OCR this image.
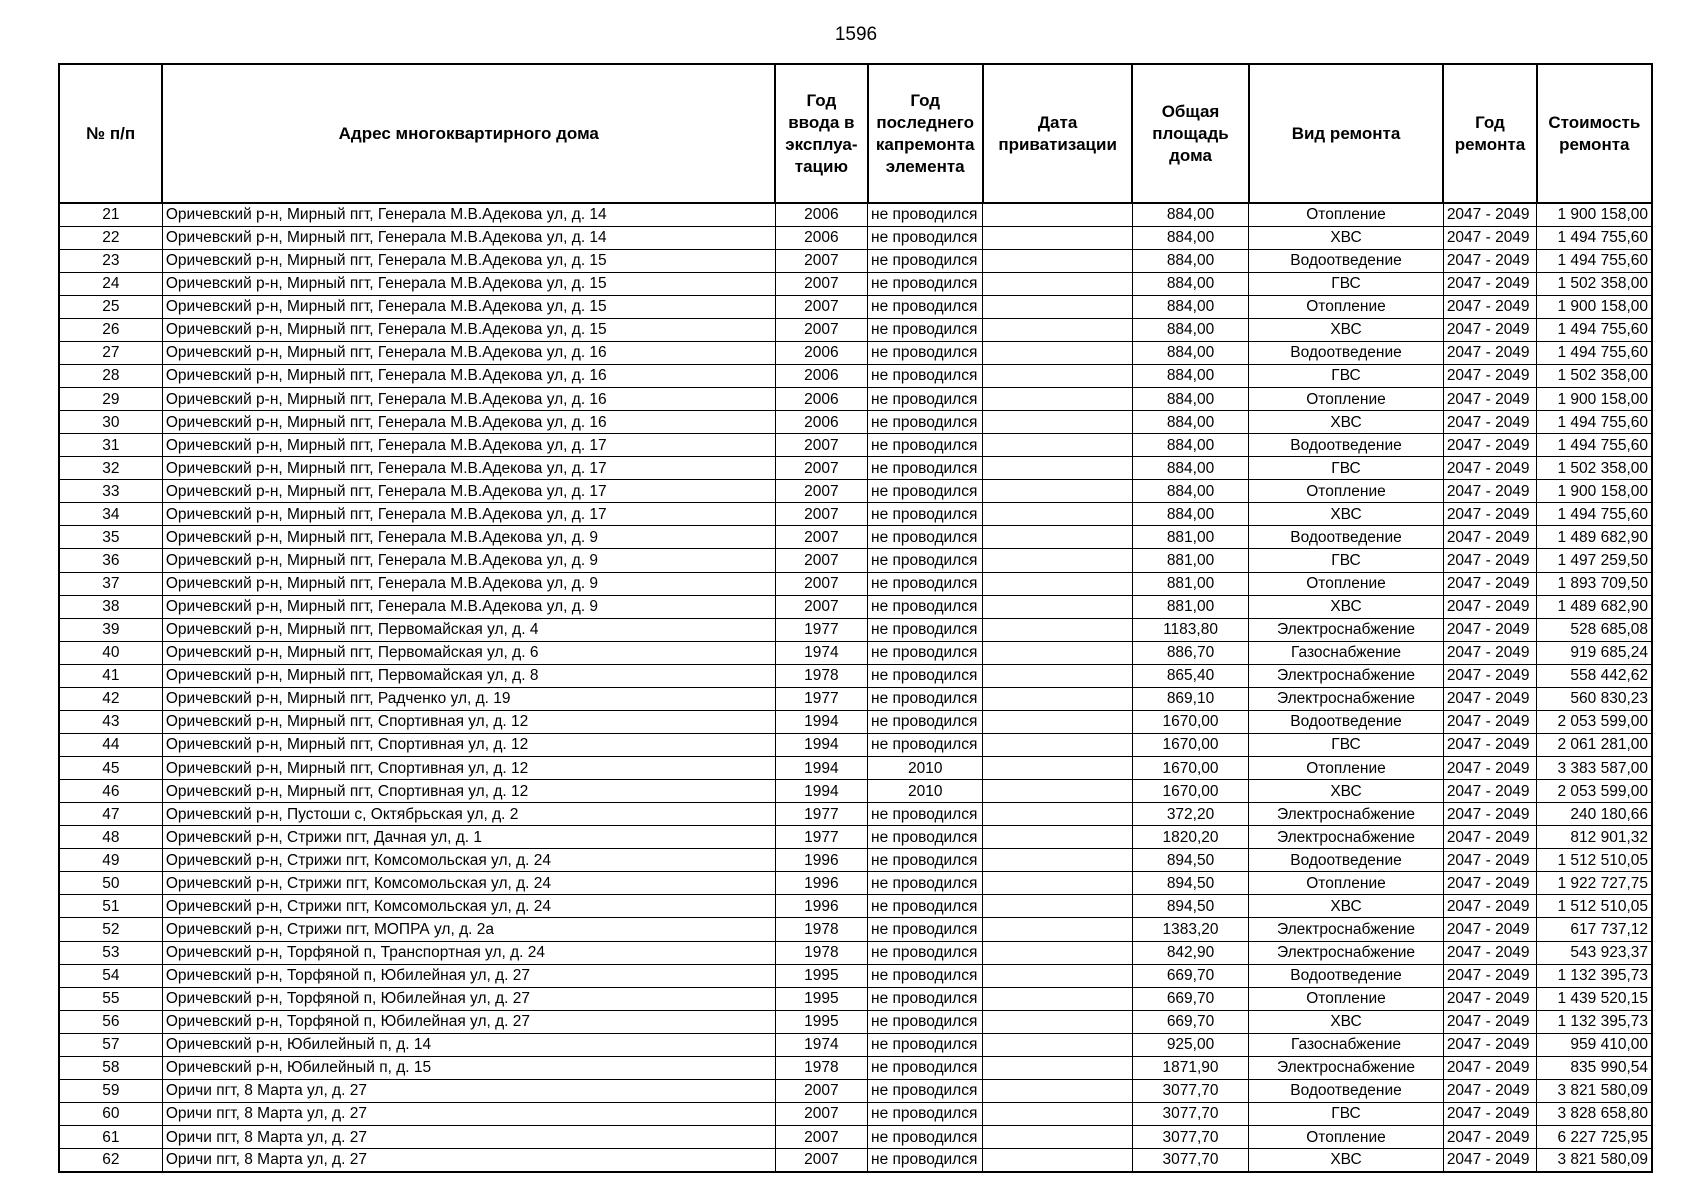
1596
№ п/п	Адрес многоквартирного дома	Год ввода в эксплуа-тацию	Год последнего капремонта элемента	Дата приватизации	Общая площадь дома	Вид ремонта	Год ремонта	Стоимость ремонта
21	Оричевский р-н, Мирный пгт, Генерала М.В.Адекова ул, д. 14	2006	не проводился		884,00	Отопление	2047 - 2049	1 900 158,00
22	Оричевский р-н, Мирный пгт, Генерала М.В.Адекова ул, д. 14	2006	не проводился		884,00	ХВС	2047 - 2049	1 494 755,60
23	Оричевский р-н, Мирный пгт, Генерала М.В.Адекова ул, д. 15	2007	не проводился		884,00	Водоотведение	2047 - 2049	1 494 755,60
24	Оричевский р-н, Мирный пгт, Генерала М.В.Адекова ул, д. 15	2007	не проводился		884,00	ГВС	2047 - 2049	1 502 358,00
25	Оричевский р-н, Мирный пгт, Генерала М.В.Адекова ул, д. 15	2007	не проводился		884,00	Отопление	2047 - 2049	1 900 158,00
26	Оричевский р-н, Мирный пгт, Генерала М.В.Адекова ул, д. 15	2007	не проводился		884,00	ХВС	2047 - 2049	1 494 755,60
27	Оричевский р-н, Мирный пгт, Генерала М.В.Адекова ул, д. 16	2006	не проводился		884,00	Водоотведение	2047 - 2049	1 494 755,60
28	Оричевский р-н, Мирный пгт, Генерала М.В.Адекова ул, д. 16	2006	не проводился		884,00	ГВС	2047 - 2049	1 502 358,00
29	Оричевский р-н, Мирный пгт, Генерала М.В.Адекова ул, д. 16	2006	не проводился		884,00	Отопление	2047 - 2049	1 900 158,00
30	Оричевский р-н, Мирный пгт, Генерала М.В.Адекова ул, д. 16	2006	не проводился		884,00	ХВС	2047 - 2049	1 494 755,60
31	Оричевский р-н, Мирный пгт, Генерала М.В.Адекова ул, д. 17	2007	не проводился		884,00	Водоотведение	2047 - 2049	1 494 755,60
32	Оричевский р-н, Мирный пгт, Генерала М.В.Адекова ул, д. 17	2007	не проводился		884,00	ГВС	2047 - 2049	1 502 358,00
33	Оричевский р-н, Мирный пгт, Генерала М.В.Адекова ул, д. 17	2007	не проводился		884,00	Отопление	2047 - 2049	1 900 158,00
34	Оричевский р-н, Мирный пгт, Генерала М.В.Адекова ул, д. 17	2007	не проводился		884,00	ХВС	2047 - 2049	1 494 755,60
35	Оричевский р-н, Мирный пгт, Генерала М.В.Адекова ул, д. 9	2007	не проводился		881,00	Водоотведение	2047 - 2049	1 489 682,90
36	Оричевский р-н, Мирный пгт, Генерала М.В.Адекова ул, д. 9	2007	не проводился		881,00	ГВС	2047 - 2049	1 497 259,50
37	Оричевский р-н, Мирный пгт, Генерала М.В.Адекова ул, д. 9	2007	не проводился		881,00	Отопление	2047 - 2049	1 893 709,50
38	Оричевский р-н, Мирный пгт, Генерала М.В.Адекова ул, д. 9	2007	не проводился		881,00	ХВС	2047 - 2049	1 489 682,90
39	Оричевский р-н, Мирный пгт, Первомайская ул, д. 4	1977	не проводился		1183,80	Электроснабжение	2047 - 2049	528 685,08
40	Оричевский р-н, Мирный пгт, Первомайская ул, д. 6	1974	не проводился		886,70	Газоснабжение	2047 - 2049	919 685,24
41	Оричевский р-н, Мирный пгт, Первомайская ул, д. 8	1978	не проводился		865,40	Электроснабжение	2047 - 2049	558 442,62
42	Оричевский р-н, Мирный пгт, Радченко ул, д. 19	1977	не проводился		869,10	Электроснабжение	2047 - 2049	560 830,23
43	Оричевский р-н, Мирный пгт, Спортивная ул, д. 12	1994	не проводился		1670,00	Водоотведение	2047 - 2049	2 053 599,00
44	Оричевский р-н, Мирный пгт, Спортивная ул, д. 12	1994	не проводился		1670,00	ГВС	2047 - 2049	2 061 281,00
45	Оричевский р-н, Мирный пгт, Спортивная ул, д. 12	1994	2010		1670,00	Отопление	2047 - 2049	3 383 587,00
46	Оричевский р-н, Мирный пгт, Спортивная ул, д. 12	1994	2010		1670,00	ХВС	2047 - 2049	2 053 599,00
47	Оричевский р-н, Пустоши с, Октябрьская ул, д. 2	1977	не проводился		372,20	Электроснабжение	2047 - 2049	240 180,66
48	Оричевский р-н, Стрижи пгт, Дачная ул, д. 1	1977	не проводился		1820,20	Электроснабжение	2047 - 2049	812 901,32
49	Оричевский р-н, Стрижи пгт, Комсомольская ул, д. 24	1996	не проводился		894,50	Водоотведение	2047 - 2049	1 512 510,05
50	Оричевский р-н, Стрижи пгт, Комсомольская ул, д. 24	1996	не проводился		894,50	Отопление	2047 - 2049	1 922 727,75
51	Оричевский р-н, Стрижи пгт, Комсомольская ул, д. 24	1996	не проводился		894,50	ХВС	2047 - 2049	1 512 510,05
52	Оричевский р-н, Стрижи пгт, МОПРА ул, д. 2а	1978	не проводился		1383,20	Электроснабжение	2047 - 2049	617 737,12
53	Оричевский р-н, Торфяной п, Транспортная ул, д. 24	1978	не проводился		842,90	Электроснабжение	2047 - 2049	543 923,37
54	Оричевский р-н, Торфяной п, Юбилейная ул, д. 27	1995	не проводился		669,70	Водоотведение	2047 - 2049	1 132 395,73
55	Оричевский р-н, Торфяной п, Юбилейная ул, д. 27	1995	не проводился		669,70	Отопление	2047 - 2049	1 439 520,15
56	Оричевский р-н, Торфяной п, Юбилейная ул, д. 27	1995	не проводился		669,70	ХВС	2047 - 2049	1 132 395,73
57	Оричевский р-н, Юбилейный п, д. 14	1974	не проводился		925,00	Газоснабжение	2047 - 2049	959 410,00
58	Оричевский р-н, Юбилейный п, д. 15	1978	не проводился		1871,90	Электроснабжение	2047 - 2049	835 990,54
59	Оричи пгт, 8 Марта ул, д. 27	2007	не проводился		3077,70	Водоотведение	2047 - 2049	3 821 580,09
60	Оричи пгт, 8 Марта ул, д. 27	2007	не проводился		3077,70	ГВС	2047 - 2049	3 828 658,80
61	Оричи пгт, 8 Марта ул, д. 27	2007	не проводился		3077,70	Отопление	2047 - 2049	6 227 725,95
62	Оричи пгт, 8 Марта ул, д. 27	2007	не проводился		3077,70	ХВС	2047 - 2049	3 821 580,09
